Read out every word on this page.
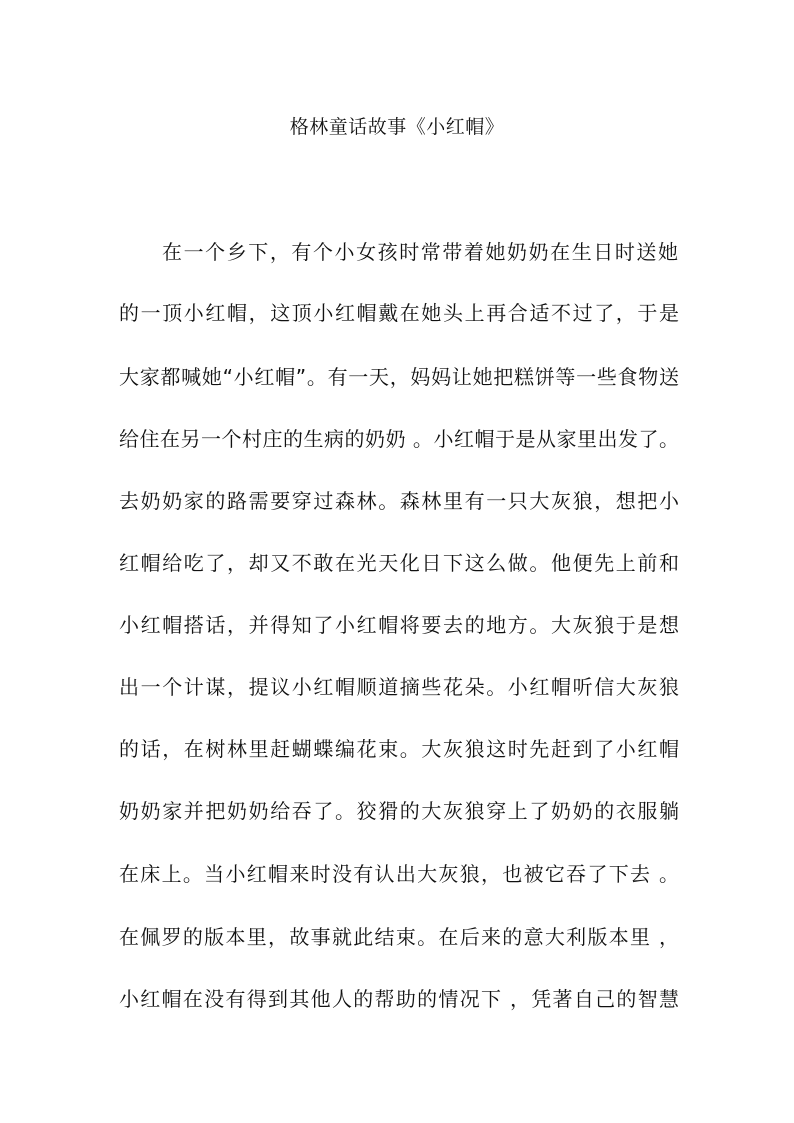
格林童话故事《小红帽》
在一个乡下，有个小女孩时常带着她奶奶在生日时送她
的一顶小红帽，这顶小红帽戴在她头上再合适不过了，于是
大家都喊她“小红帽”。有一天，妈妈让她把糕饼等一些食物送
给住在另一个村庄的生病的奶奶 。小红帽于是从家里出发了。
去奶奶家的路需要穿过森林。森林里有一只大灰狼，想把小
红帽给吃了，却又不敢在光天化日下这么做。他便先上前和
小红帽搭话，并得知了小红帽将要去的地方。大灰狼于是想
出一个计谋，提议小红帽顺道摘些花朵。小红帽听信大灰狼
的话，在树林里赶蝴蝶编花束。大灰狼这时先赶到了小红帽
奶奶家并把奶奶给吞了。狡猾的大灰狼穿上了奶奶的衣服躺
在床上。当小红帽来时没有认出大灰狼，也被它吞了下去 。
在佩罗的版本里，故事就此结束。在后来的意大利版本里 ，
小红帽在没有得到其他人的帮助的情况下 ，凭著自己的智慧
